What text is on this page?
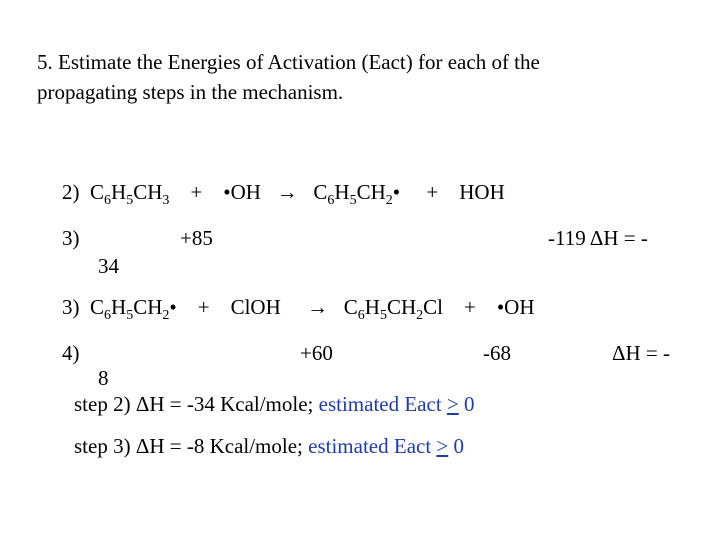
5. Estimate the Energies of Activation (Eact) for each of the
propagating steps in the mechanism.
2) $C_6H_5CH_3$ + •OH → $C_6H_5CH_2•$ + HOH
3)	+85	-119 ΔH = -
34
3) $C_6H_5CH_2•$ + ClOH → $C_6H_5CH_2Cl$ + •OH
4)	+60	-68	ΔH = -
8
step 2) ΔH = -34 Kcal/mole; estimated Eact > 0
step 3) ΔH = -8 Kcal/mole; estimated Eact > 0
